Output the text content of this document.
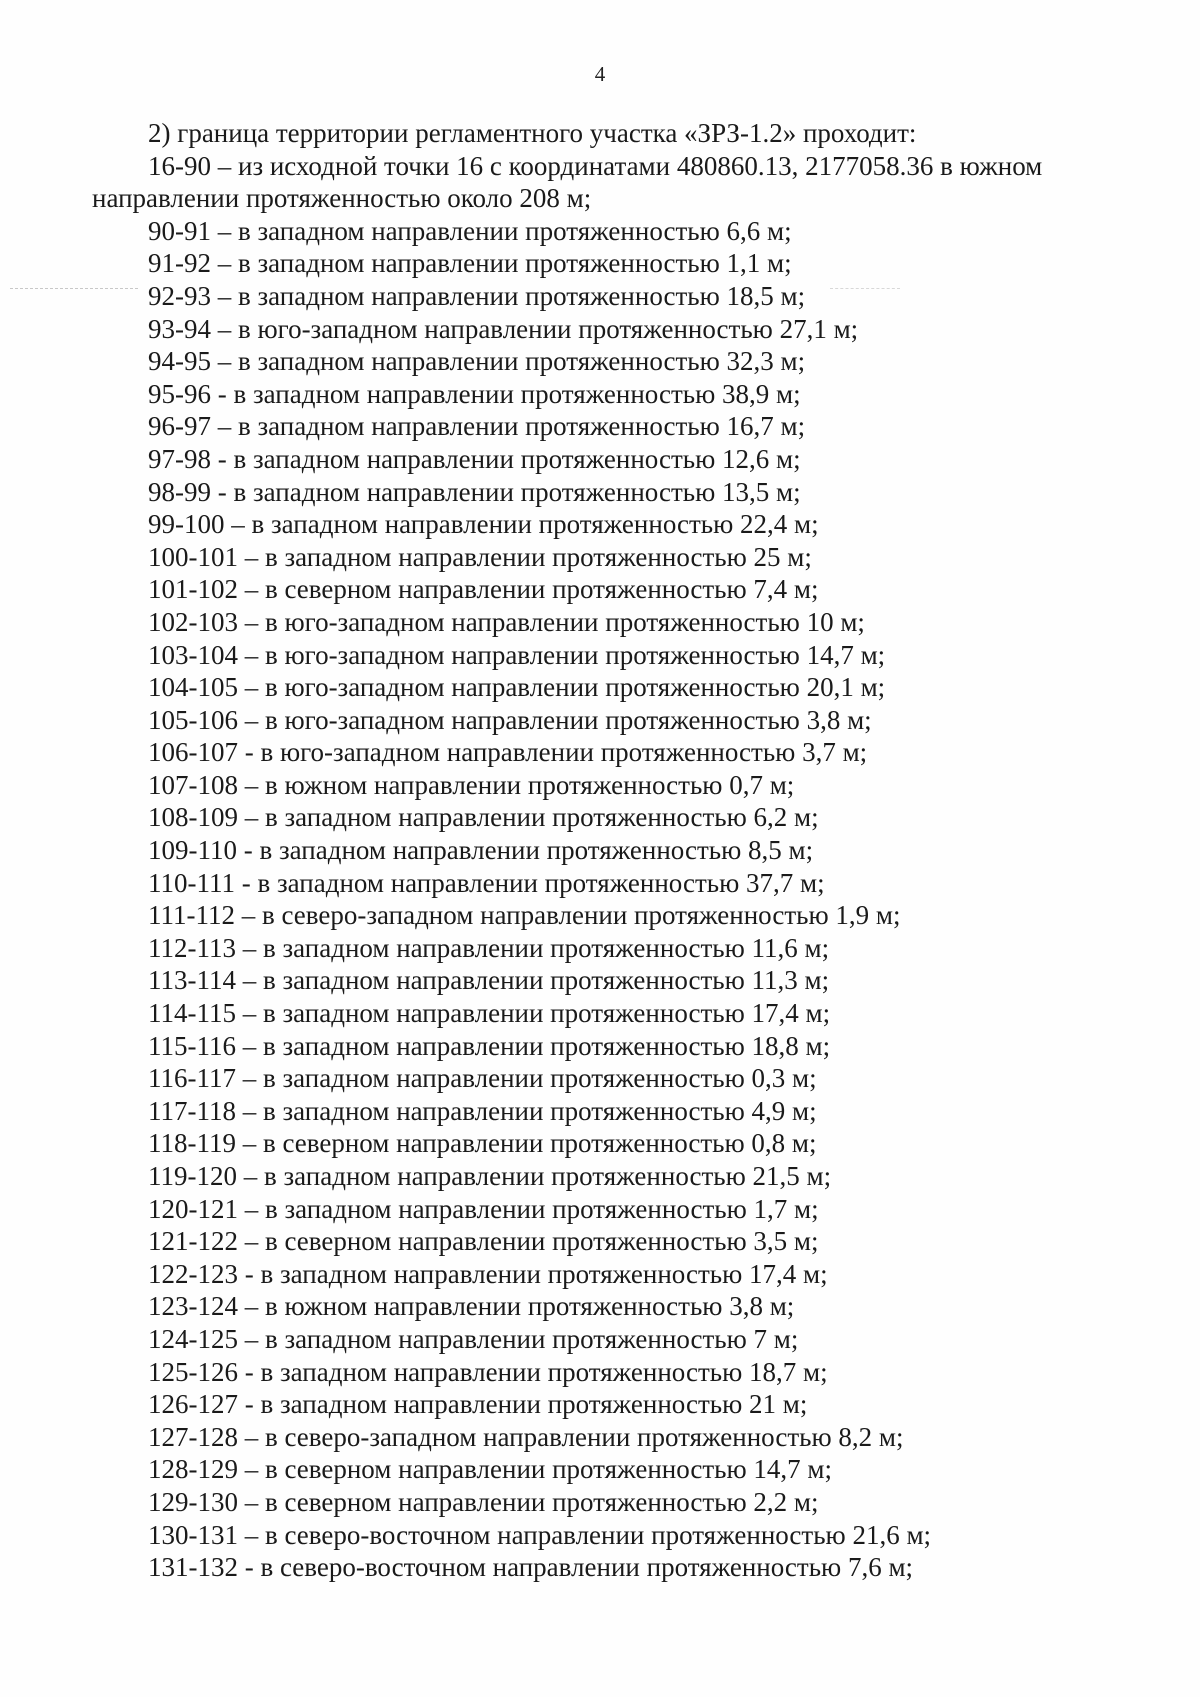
4

2) граница территории регламентного участка «ЗРЗ-1.2» проходит:

16-90 – из исходной точки 16 с координатами 480860.13, 2177058.36 в южном

направлении протяженностью около 208 м;

90-91 – в западном направлении протяженностью 6,6 м;

91-92 – в западном направлении протяженностью 1,1 м;

92-93 – в западном направлении протяженностью 18,5 м;

93-94 – в юго-западном направлении протяженностью 27,1 м;

94-95 – в западном направлении протяженностью 32,3 м;

95-96 - в западном направлении протяженностью 38,9 м;

96-97 – в западном направлении протяженностью 16,7 м;

97-98 - в западном направлении протяженностью 12,6 м;

98-99 - в западном направлении протяженностью 13,5 м;

99-100 – в западном направлении протяженностью 22,4 м;

100-101 – в западном направлении протяженностью 25 м;

101-102 – в северном направлении протяженностью 7,4 м;

102-103 – в юго-западном направлении протяженностью 10 м;

103-104 – в юго-западном направлении протяженностью 14,7 м;

104-105 – в юго-западном направлении протяженностью 20,1 м;

105-106 – в юго-западном направлении протяженностью 3,8 м;

106-107 - в юго-западном направлении протяженностью 3,7 м;

107-108 – в южном направлении протяженностью 0,7 м;

108-109 – в западном направлении протяженностью 6,2 м;

109-110 - в западном направлении протяженностью 8,5 м;

110-111 - в западном направлении протяженностью 37,7 м;

111-112 – в северо-западном направлении протяженностью 1,9 м;

112-113 – в западном направлении протяженностью 11,6 м;

113-114 – в западном направлении протяженностью 11,3 м;

114-115 – в западном направлении протяженностью 17,4 м;

115-116 – в западном направлении протяженностью 18,8 м;

116-117 – в западном направлении протяженностью 0,3 м;

117-118 – в западном направлении протяженностью 4,9 м;

118-119 – в северном направлении протяженностью 0,8 м;

119-120 – в западном направлении протяженностью 21,5 м;

120-121 – в западном направлении протяженностью 1,7 м;

121-122 – в северном направлении протяженностью 3,5 м;

122-123 - в западном направлении протяженностью 17,4 м;

123-124 – в южном направлении протяженностью 3,8 м;

124-125 – в западном направлении протяженностью 7 м;

125-126 - в западном направлении протяженностью 18,7 м;

126-127 - в западном направлении протяженностью 21 м;

127-128 – в северо-западном направлении протяженностью 8,2 м;

128-129 – в северном направлении протяженностью 14,7 м;

129-130 – в северном направлении протяженностью 2,2 м;

130-131 – в северо-восточном направлении протяженностью 21,6 м;

131-132 - в северо-восточном направлении протяженностью 7,6 м;
